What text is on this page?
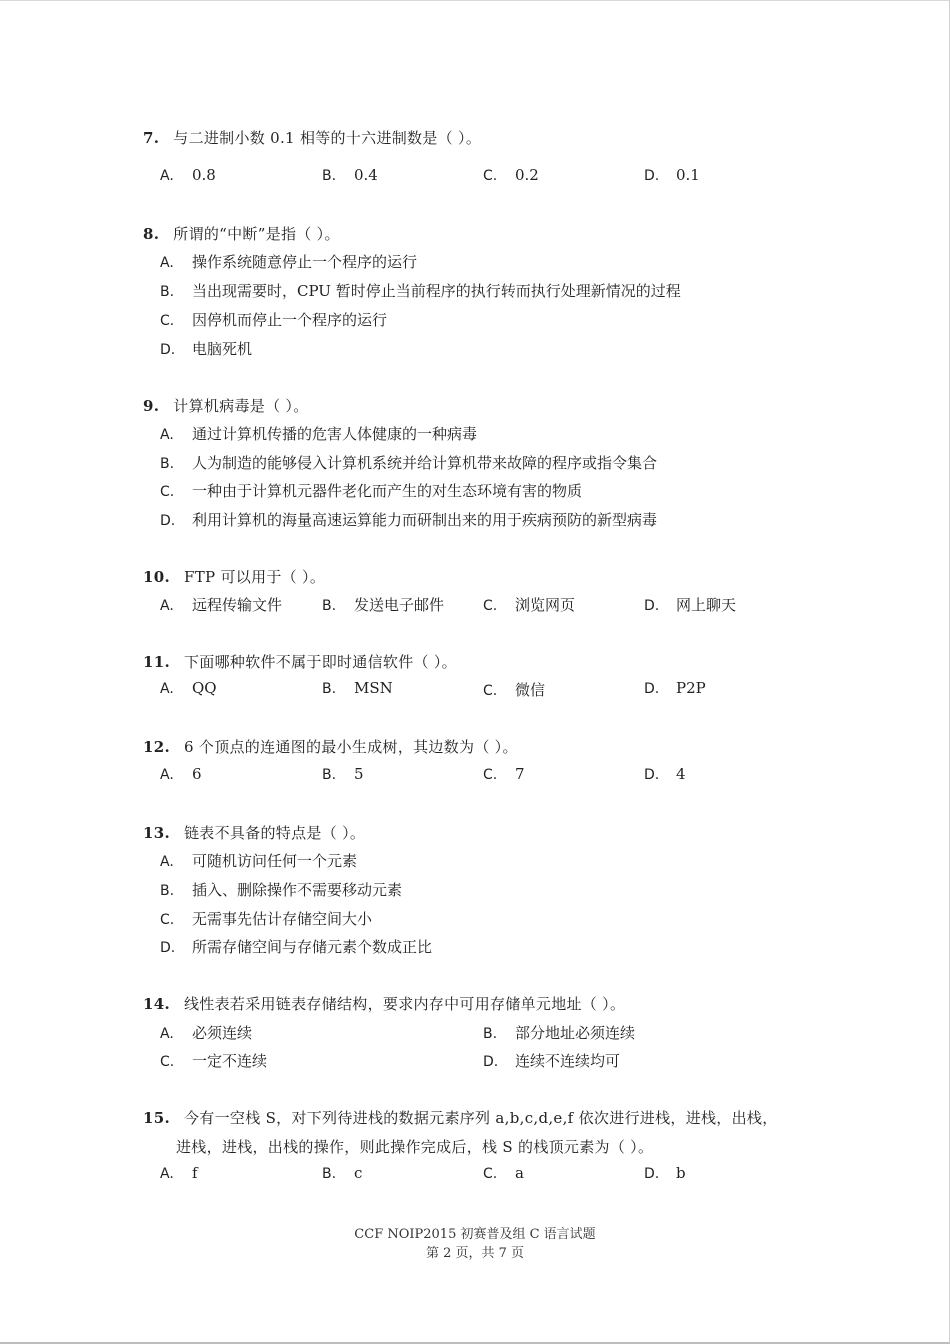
7. 与二进制小数 0.1 相等的十六进制数是（ ）。
A. 0.8	B. 0.4	C. 0.2	D. 0.1
8. 所谓的“中断”是指（ ）。
A. 操作系统随意停止一个程序的运行
B. 当出现需要时，CPU 暂时停止当前程序的执行转而执行处理新情况的过程
C. 因停机而停止一个程序的运行
D. 电脑死机
9. 计算机病毒是（ ）。
A. 通过计算机传播的危害人体健康的一种病毒
B. 人为制造的能够侵入计算机系统并给计算机带来故障的程序或指令集合
C. 一种由于计算机元器件老化而产生的对生态环境有害的物质
D. 利用计算机的海量高速运算能力而研制出来的用于疾病预防的新型病毒
10. FTP 可以用于（ ）。
A. 远程传输文件	B. 发送电子邮件	C. 浏览网页	D. 网上聊天
11. 下面哪种软件不属于即时通信软件（ ）。
A. QQ	B. MSN	C. 微信	D. P2P
12. 6 个顶点的连通图的最小生成树，其边数为（ ）。
A. 6	B. 5	C. 7	D. 4
13. 链表不具备的特点是（ ）。
A. 可随机访问任何一个元素
B. 插入、删除操作不需要移动元素
C. 无需事先估计存储空间大小
D. 所需存储空间与存储元素个数成正比
14. 线性表若采用链表存储结构，要求内存中可用存储单元地址（ ）。
A. 必须连续	B. 部分地址必须连续
C. 一定不连续	D. 连续不连续均可
15. 今有一空栈 S，对下列待进栈的数据元素序列 a,b,c,d,e,f 依次进行进栈，进栈，出栈，
进栈，进栈，出栈的操作，则此操作完成后，栈 S 的栈顶元素为（ ）。
A. f	B. c	C. a	D. b
CCF NOIP2015 初赛普及组 C 语言试题
第 2 页，共 7 页
